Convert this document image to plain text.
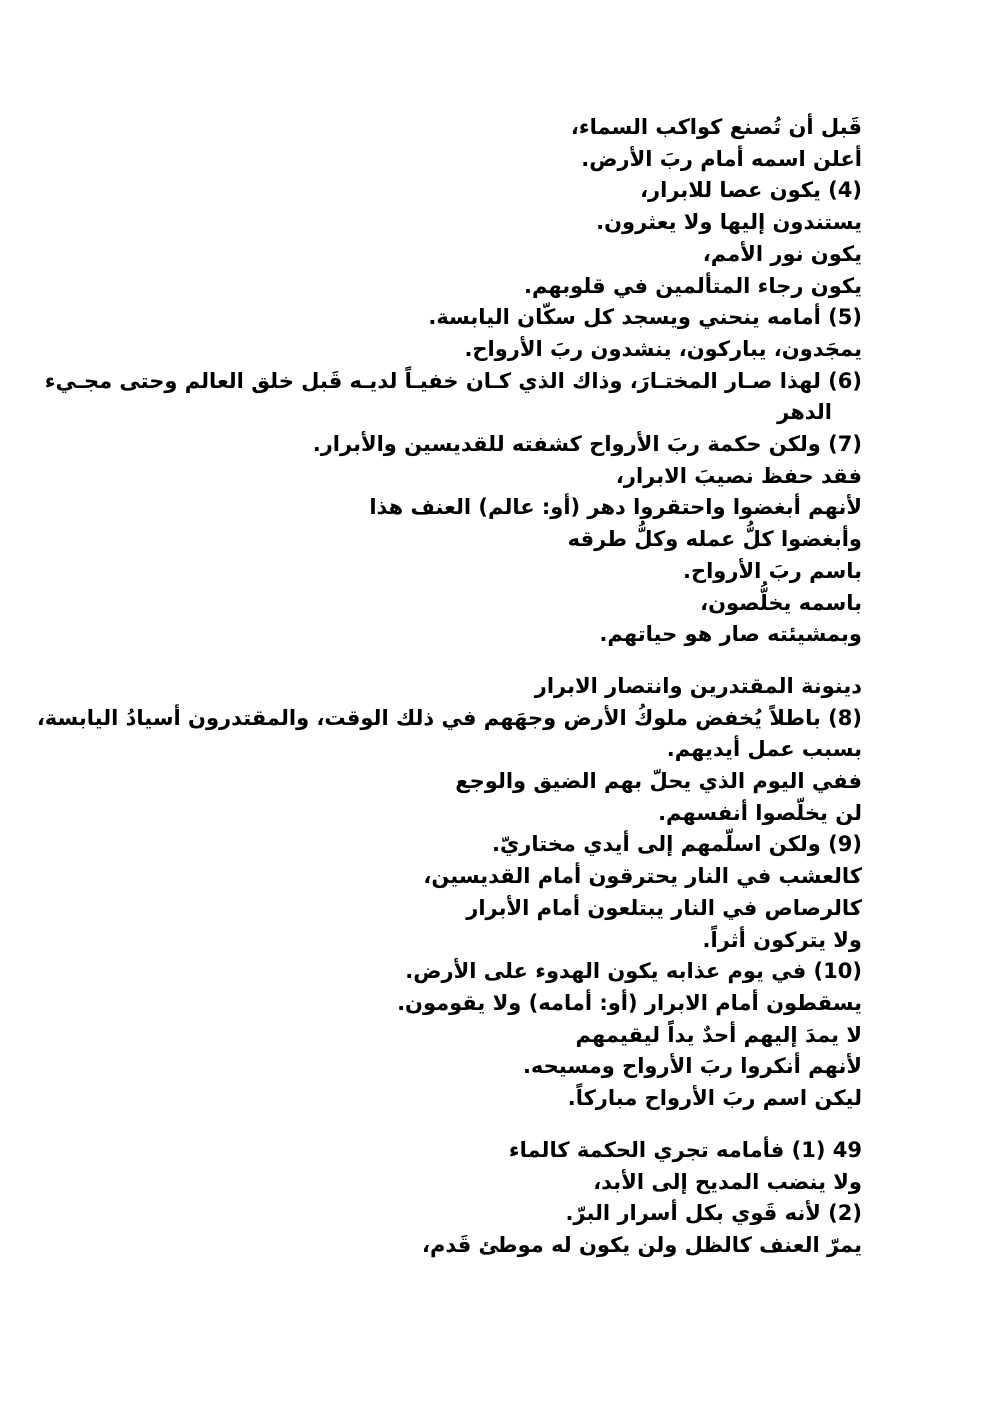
قَبل أن تُصنع كواكب السماء،
أعلن اسمه أمام ربَ الأرض.
(4) يكون عصا للابرار،
يستندون إليها ولا يعثرون.
يكون نور الأمم،
يكون رجاء المتألمين في قلوبهم.
(5) أمامه ينحني ويسجد كل سكّان اليابسة.
يمجَدون، يباركون، ينشدون ربَ الأرواح.
(6) لهذا صـار المختـارَ، وذاك الذي كـان خفيـاً لديـه قَبل خلق العالم وحتى مجـيء
الدهر
(7) ولكن حكمة ربَ الأرواح كشفته للقديسين والأبرار.
فقد حفظ نصيبَ الابرار،
لأنهم أبغضوا واحتقروا دهر (أو: عالم) العنف هذا
وأبغضوا كلُّ عمله وكلُّ طرقه
باسم ربَ الأرواح.
باسمه يخلُّصون،
وبمشيئته صار هو حياتهم.
دينونة المقتدرين وانتصار الابرار
(8) باطلاً يُخفض ملوكُ الأرض وجهَهم في ذلك الوقت، والمقتدرون أسيادُ اليابسة،
بسبب عمل أيديهم.
ففي اليوم الذي يحلّ بهم الضيق والوجع
لن يخلّصوا أنفسهم.
(9) ولكن اسلّمهم إلى أيدي مختاريّ.
كالعشب في النار يحترقون أمام القديسين،
كالرصاص في النار يبتلعون أمام الأبرار
ولا يتركون أثراً.
(10) في يوم عذابه يكون الهدوء على الأرض.
يسقطون أمام الابرار (أو: أمامه) ولا يقومون.
لا يمدَ إليهم أحدٌ يداً ليقيمهم
لأنهم أنكروا ربَ الأرواح ومسيحه.
ليكن اسم ربَ الأرواح مباركاً.
49 (1) فأمامه تجري الحكمة كالماء
ولا ينضب المديح إلى الأبد،
(2) لأنه قَوي بكل أسرار البرّ.
يمرّ العنف كالظل ولن يكون له موطئ قَدم،
